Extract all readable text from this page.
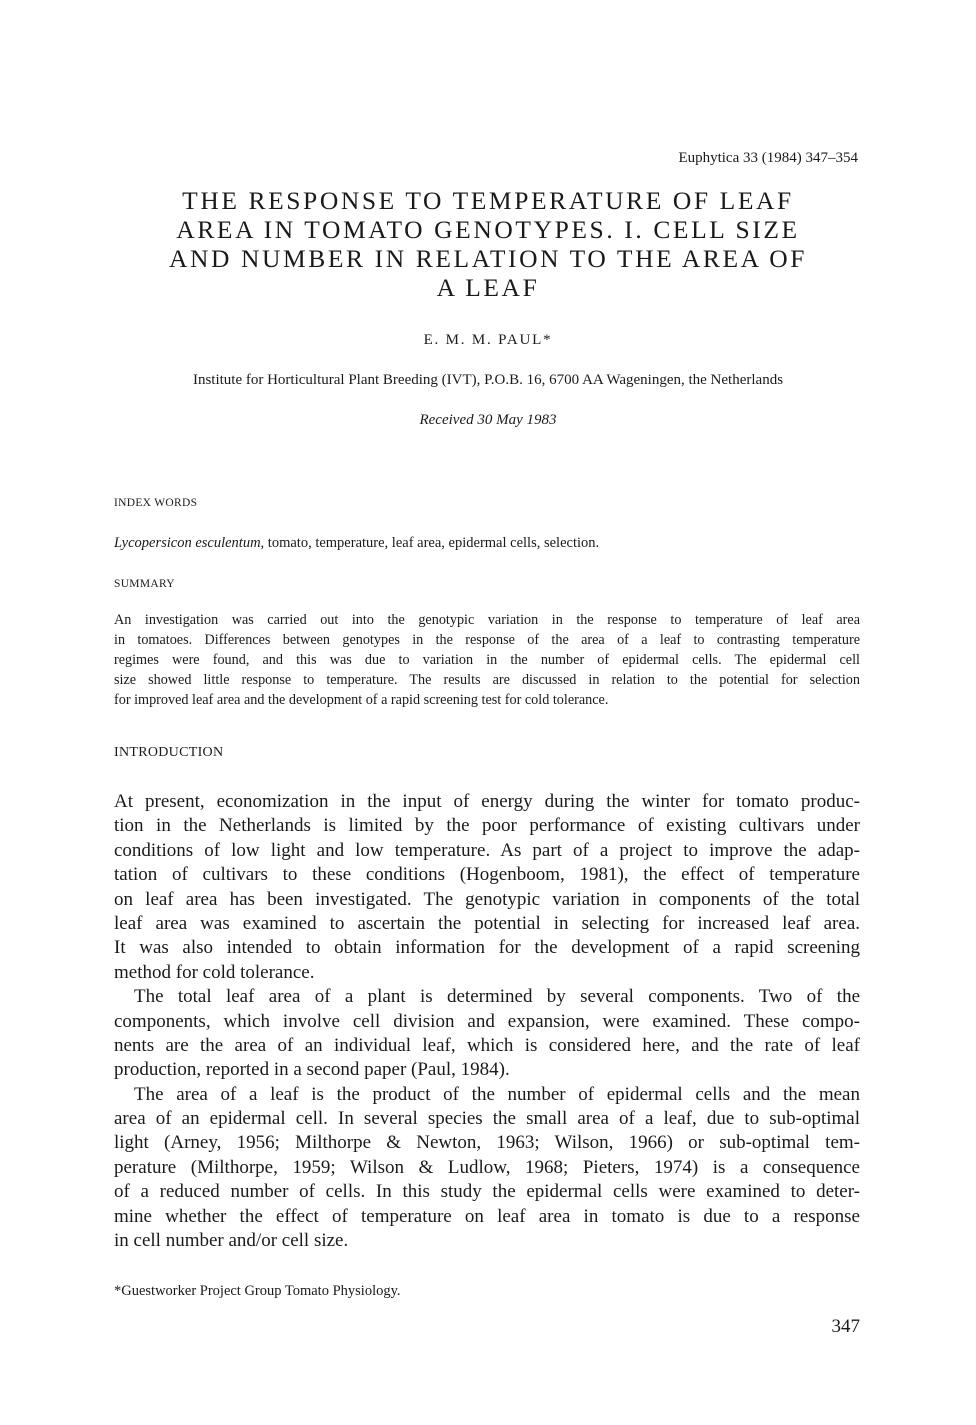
Euphytica 33 (1984) 347–354
THE RESPONSE TO TEMPERATURE OF LEAF
AREA IN TOMATO GENOTYPES. I. CELL SIZE
AND NUMBER IN RELATION TO THE AREA OF
A LEAF
E. M. M. PAUL*
Institute for Horticultural Plant Breeding (IVT), P.O.B. 16, 6700 AA Wageningen, the Netherlands
Received 30 May 1983
INDEX WORDS
Lycopersicon esculentum, tomato, temperature, leaf area, epidermal cells, selection.
SUMMARY
An investigation was carried out into the genotypic variation in the response to temperature of leaf area
in tomatoes. Differences between genotypes in the response of the area of a leaf to contrasting temperature
regimes were found, and this was due to variation in the number of epidermal cells. The epidermal cell
size showed little response to temperature. The results are discussed in relation to the potential for selection
for improved leaf area and the development of a rapid screening test for cold tolerance.
INTRODUCTION
At present, economization in the input of energy during the winter for tomato produc-
tion in the Netherlands is limited by the poor performance of existing cultivars under
conditions of low light and low temperature. As part of a project to improve the adap-
tation of cultivars to these conditions (Hogenboom, 1981), the effect of temperature
on leaf area has been investigated. The genotypic variation in components of the total
leaf area was examined to ascertain the potential in selecting for increased leaf area.
It was also intended to obtain information for the development of a rapid screening
method for cold tolerance.
The total leaf area of a plant is determined by several components. Two of the
components, which involve cell division and expansion, were examined. These compo-
nents are the area of an individual leaf, which is considered here, and the rate of leaf
production, reported in a second paper (Paul, 1984).
The area of a leaf is the product of the number of epidermal cells and the mean
area of an epidermal cell. In several species the small area of a leaf, due to sub-optimal
light (Arney, 1956; Milthorpe & Newton, 1963; Wilson, 1966) or sub-optimal tem-
perature (Milthorpe, 1959; Wilson & Ludlow, 1968; Pieters, 1974) is a consequence
of a reduced number of cells. In this study the epidermal cells were examined to deter-
mine whether the effect of temperature on leaf area in tomato is due to a response
in cell number and/or cell size.
*Guestworker Project Group Tomato Physiology.
347
